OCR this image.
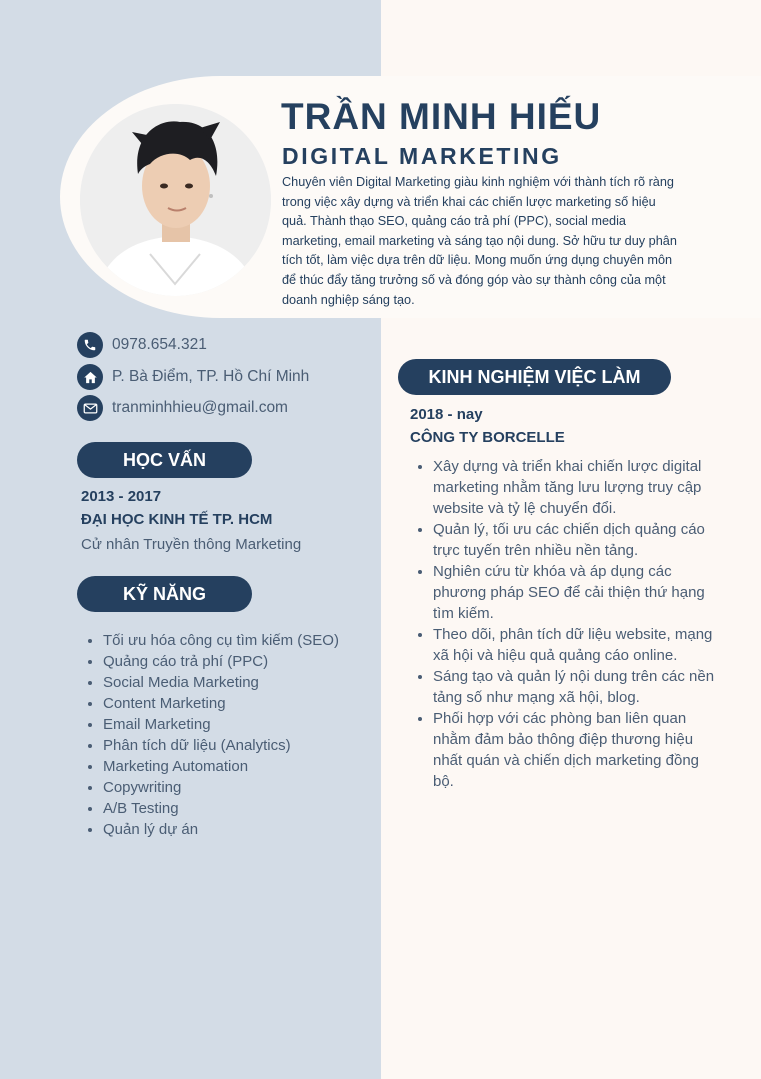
TRẦN MINH HIẾU
DIGITAL MARKETING

Chuyên viên Digital Marketing giàu kinh nghiệm với thành tích rõ ràng trong việc xây dựng và triển khai các chiến lược marketing số hiệu quả. Thành thạo SEO, quảng cáo trả phí (PPC), social media marketing, email marketing và sáng tạo nội dung. Sở hữu tư duy phân tích tốt, làm việc dựa trên dữ liệu. Mong muốn ứng dụng chuyên môn để thúc đẩy tăng trưởng số và đóng góp vào sự thành công của một doanh nghiệp sáng tạo.

0978.654.321
P. Bà Điểm, TP. Hồ Chí Minh
tranminhhieu@gmail.com
HỌC VẤN
2013 - 2017
ĐẠI HỌC KINH TẾ TP. HCM
Cử nhân Truyền thông Marketing
KỸ NĂNG
• Tối ưu hóa công cụ tìm kiếm (SEO)
• Quảng cáo trả phí (PPC)
• Social Media Marketing
• Content Marketing
• Email Marketing
• Phân tích dữ liệu (Analytics)
• Marketing Automation
• Copywriting
• A/B Testing
• Quản lý dự án
KINH NGHIỆM VIỆC LÀM
2018 - nay
CÔNG TY BORCELLE
• Xây dựng và triển khai chiến lược digital marketing nhằm tăng lưu lượng truy cập website và tỷ lệ chuyển đổi.
• Quản lý, tối ưu các chiến dịch quảng cáo trực tuyến trên nhiều nền tảng.
• Nghiên cứu từ khóa và áp dụng các phương pháp SEO để cải thiện thứ hạng tìm kiếm.
• Theo dõi, phân tích dữ liệu website, mạng xã hội và hiệu quả quảng cáo online.
• Sáng tạo và quản lý nội dung trên các nền tảng số như mạng xã hội, blog.
• Phối hợp với các phòng ban liên quan nhằm đảm bảo thông điệp thương hiệu nhất quán và chiến dịch marketing đồng bộ.
